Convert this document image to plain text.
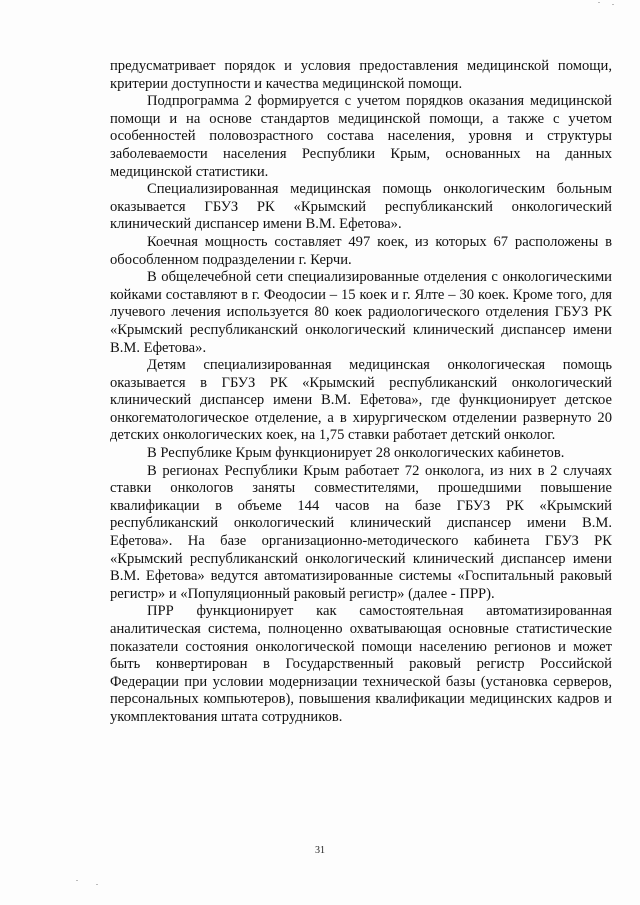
предусматривает порядок и условия предоставления медицинской помощи, критерии доступности и качества медицинской помощи.

Подпрограмма 2 формируется с учетом порядков оказания медицинской помощи и на основе стандартов медицинской помощи, а также с учетом особенностей половозрастного состава населения, уровня и структуры заболеваемости населения Республики Крым, основанных на данных медицинской статистики.

Специализированная медицинская помощь онкологическим больным оказывается ГБУЗ РК «Крымский республиканский онкологический клинический диспансер имени В.М. Ефетова».

Коечная мощность составляет 497 коек, из которых 67 расположены в обособленном подразделении г. Керчи.

В общелечебной сети специализированные отделения с онкологическими койками составляют в г. Феодосии – 15 коек и г. Ялте – 30 коек. Кроме того, для лучевого лечения используется 80 коек радиологического отделения ГБУЗ РК «Крымский республиканский онкологический клинический диспансер имени В.М. Ефетова».

Детям специализированная медицинская онкологическая помощь оказывается в ГБУЗ РК «Крымский республиканский онкологический клинический диспансер имени В.М. Ефетова», где функционирует детское онкогематологическое отделение, а в хирургическом отделении развернуто 20 детских онкологических коек, на 1,75 ставки работает детский онколог.

В Республике Крым функционирует 28 онкологических кабинетов.

В регионах Республики Крым работает 72 онколога, из них в 2 случаях ставки онкологов заняты совместителями, прошедшими повышение квалификации в объеме 144 часов на базе ГБУЗ РК «Крымский республиканский онкологический клинический диспансер имени В.М. Ефетова». На базе организационно-методического кабинета ГБУЗ РК «Крымский республиканский онкологический клинический диспансер имени В.М. Ефетова» ведутся автоматизированные системы «Госпитальный раковый регистр» и «Популяционный раковый регистр» (далее - ПРР).

ПРР функционирует как самостоятельная автоматизированная аналитическая система, полноценно охватывающая основные статистические показатели состояния онкологической помощи населению регионов и может быть конвертирован в Государственный раковый регистр Российской Федерации при условии модернизации технической базы (установка серверов, персональных компьютеров), повышения квалификации медицинских кадров и укомплектования штата сотрудников.

31
